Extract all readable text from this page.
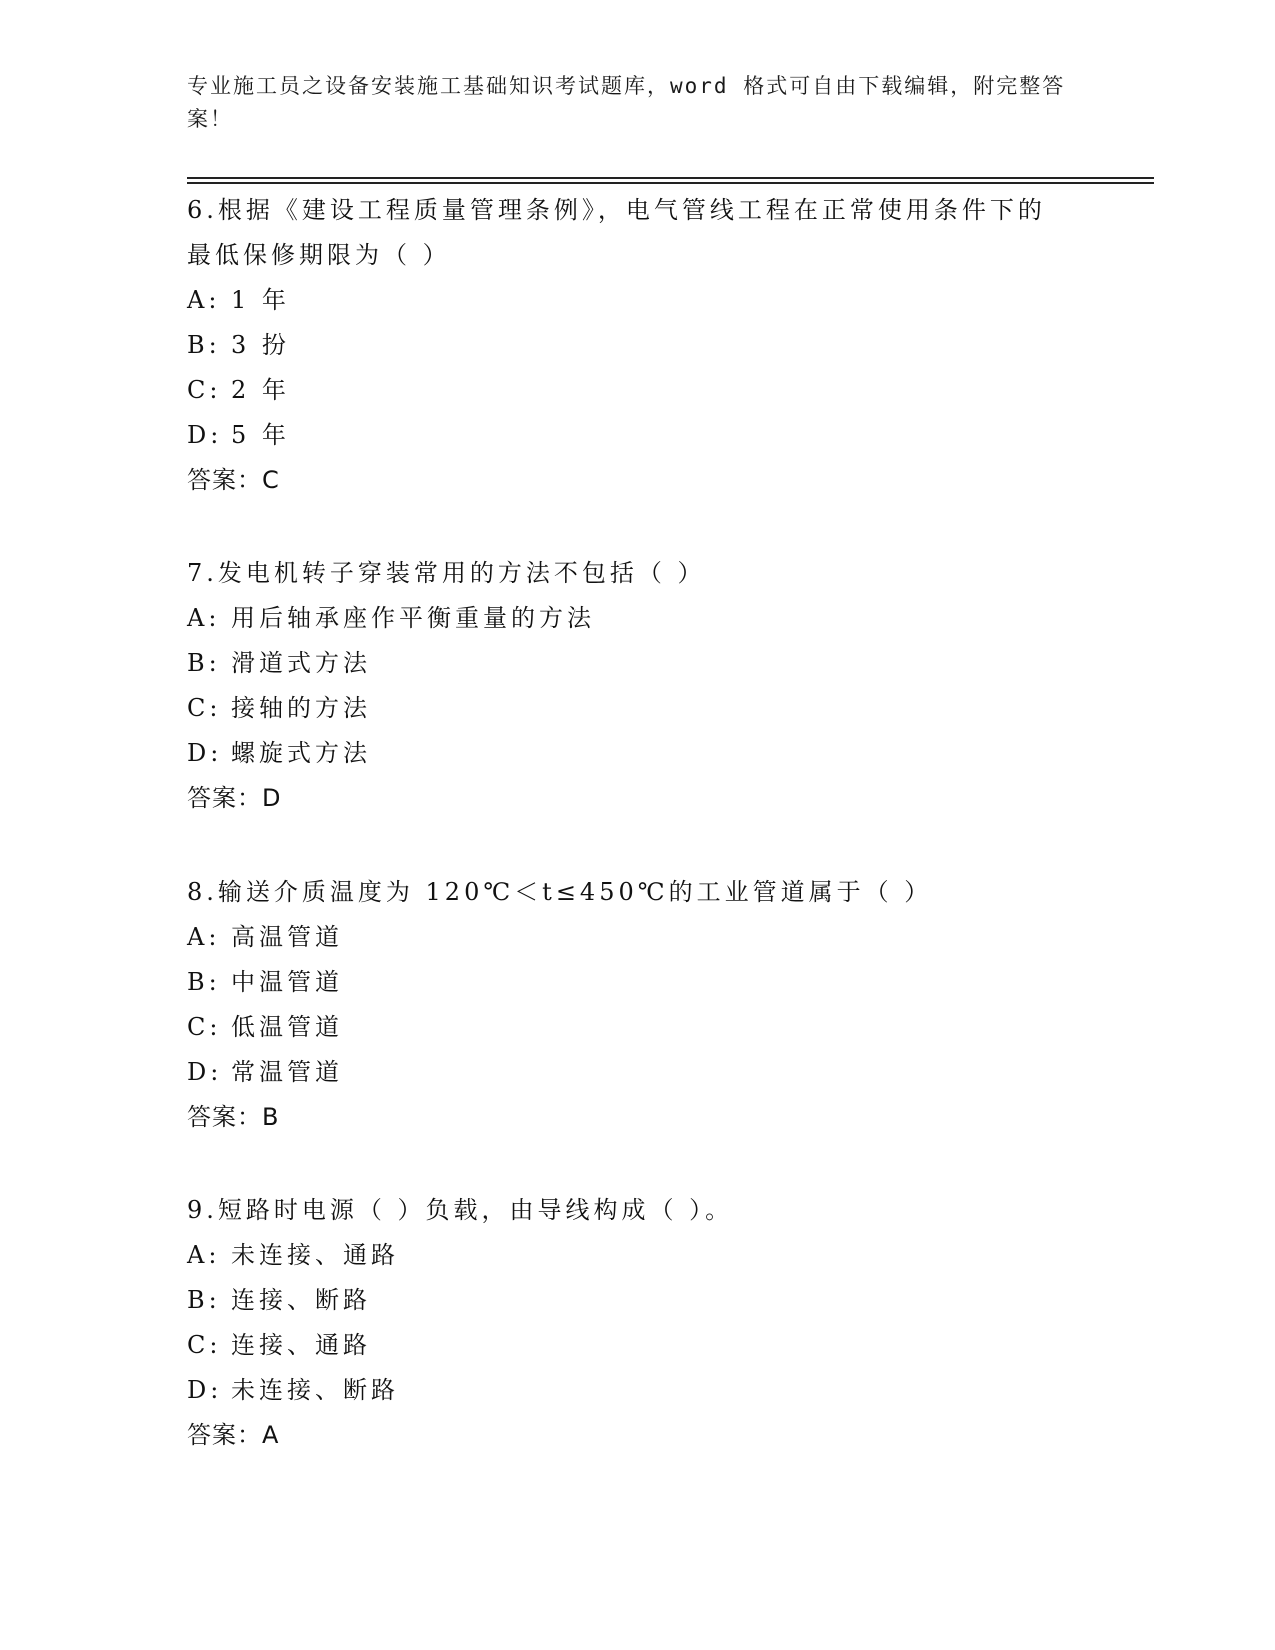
专业施工员之设备安装施工基础知识考试题库，word 格式可自由下载编辑，附完整答案！

6.根据《建设工程质量管理条例》，电气管线工程在正常使用条件下的最低保修期限为（ ）

A: 1 年
B: 3 扮
C: 2 年
D: 5 年
答案：C

7.发电机转子穿装常用的方法不包括（ ）

A: 用后轴承座作平衡重量的方法
B: 滑道式方法
C: 接轴的方法
D: 螺旋式方法
答案：D

8.输送介质温度为 120℃＜t≤450℃的工业管道属于（ ）

A: 高温管道
B: 中温管道
C: 低温管道
D: 常温管道
答案：B

9.短路时电源（ ）负载，由导线构成（ ）。

A: 未连接、通路
B: 连接、断路
C: 连接、通路
D: 未连接、断路
答案：A
